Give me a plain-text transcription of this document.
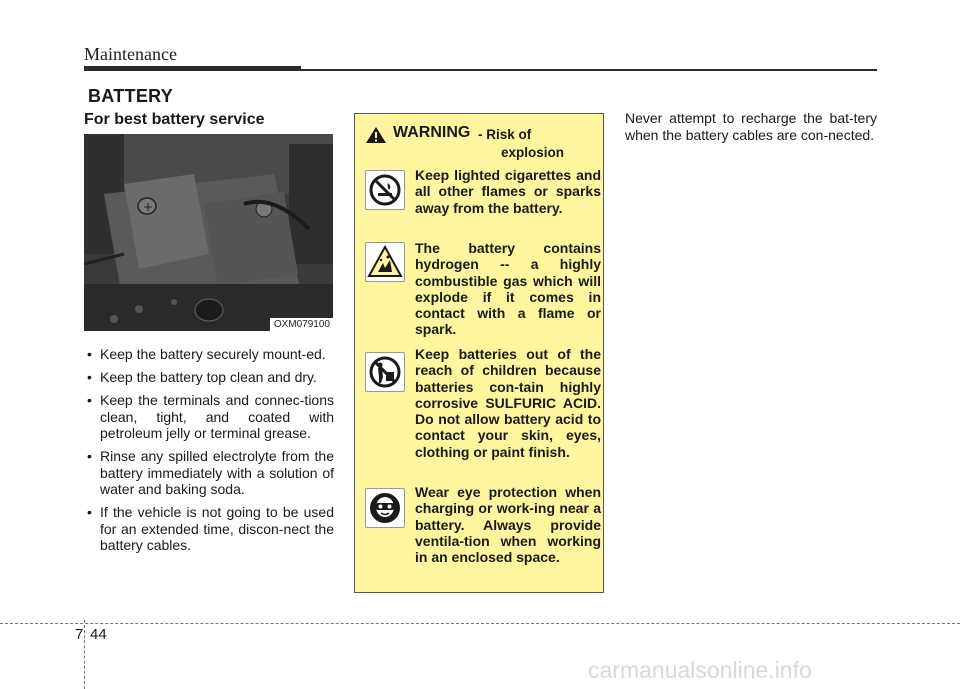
Maintenance
BATTERY
For best battery service
+
OXM079100
• Keep the battery securely mount-ed.
• Keep the battery top clean and dry.
• Keep the terminals and connec-tions clean, tight, and coated with petroleum jelly or terminal grease.
• Rinse any spilled electrolyte from the battery immediately with a solution of water and baking soda.
• If the vehicle is not going to be used for an extended time, discon-nect the battery cables.
WARNING - Risk of
explosion
Keep lighted cigarettes and all other flames or sparks away from the battery.
The battery contains hydrogen -- a highly combustible gas which will explode if it comes in contact with a flame or spark.
Keep batteries out of the reach of children because batteries con-tain highly corrosive SULFURIC ACID. Do not allow battery acid to contact your skin, eyes, clothing or paint finish.
Wear eye protection when charging or work-ing near a battery. Always provide ventila-tion when working in an enclosed space.
Never attempt to recharge the bat-tery when the battery cables are con-nected.
7 44
carmanualsonline.info
